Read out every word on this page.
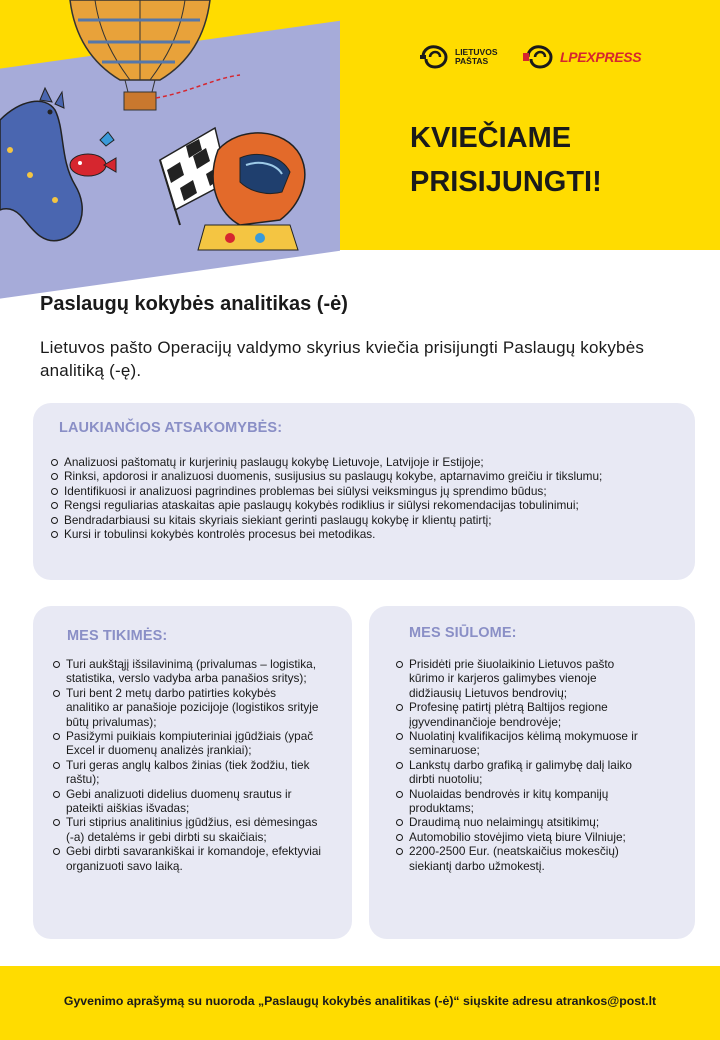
LIETUVOS
PAŠTAS	LPEXPRESS
KVIEČIAME
PRISIJUNGTI!
Paslaugų kokybės analitikas (-ė)
Lietuvos pašto Operacijų valdymo skyrius kviečia prisijungti Paslaugų kokybės analitiką (-ę).
LAUKIANČIOS ATSAKOMYBĖS:
Analizuosi paštomatų ir kurjerinių paslaugų kokybę Lietuvoje, Latvijoje ir Estijoje;
Rinksi, apdorosi ir analizuosi duomenis, susijusius su paslaugų kokybe, aptarnavimo greičiu ir tikslumu;
Identifikuosi ir analizuosi pagrindines problemas bei siūlysi veiksmingus jų sprendimo būdus;
Rengsi reguliarias ataskaitas apie paslaugų kokybės rodiklius ir siūlysi rekomendacijas tobulinimui;
Bendradarbiausi su kitais skyriais siekiant gerinti paslaugų kokybę ir klientų patirtį;
Kursi ir tobulinsi kokybės kontrolės procesus bei metodikas.
MES TIKIMĖS:
Turi aukštąjį išsilavinimą (privalumas – logistika, statistika, verslo vadyba arba panašios sritys);
Turi bent 2 metų darbo patirties kokybės analitiko ar panašioje pozicijoje (logistikos srityje būtų privalumas);
Pasižymi puikiais kompiuteriniai įgūdžiais (ypač Excel ir duomenų analizės įrankiai);
Turi geras anglų kalbos žinias (tiek žodžiu, tiek raštu);
Gebi analizuoti didelius duomenų srautus ir pateikti aiškias išvadas;
Turi stiprius analitinius įgūdžius, esi dėmesingas (-a) detalėms ir gebi dirbti su skaičiais;
Gebi dirbti savarankiškai ir komandoje, efektyviai organizuoti savo laiką.
MES SIŪLOME:
Prisidėti prie šiuolaikinio Lietuvos pašto kūrimo ir karjeros galimybes vienoje didžiausių Lietuvos bendrovių;
Profesinę patirtį plėtrą Baltijos regione įgyvendinančioje bendrovėje;
Nuolatinį kvalifikacijos kėlimą mokymuose ir seminaruose;
Lankstų darbo grafiką ir galimybę dalį laiko dirbti nuotoliu;
Nuolaidas bendrovės ir kitų kompanijų produktams;
Draudimą nuo nelaimingų atsitikimų;
Automobilio stovėjimo vietą biure Vilniuje;
2200-2500 Eur. (neatskaičius mokesčių) siekiantį darbo užmokestį.
Gyvenimo aprašymą su nuoroda „Paslaugų kokybės analitikas (-ė)“ siųskite adresu atrankos@post.lt
